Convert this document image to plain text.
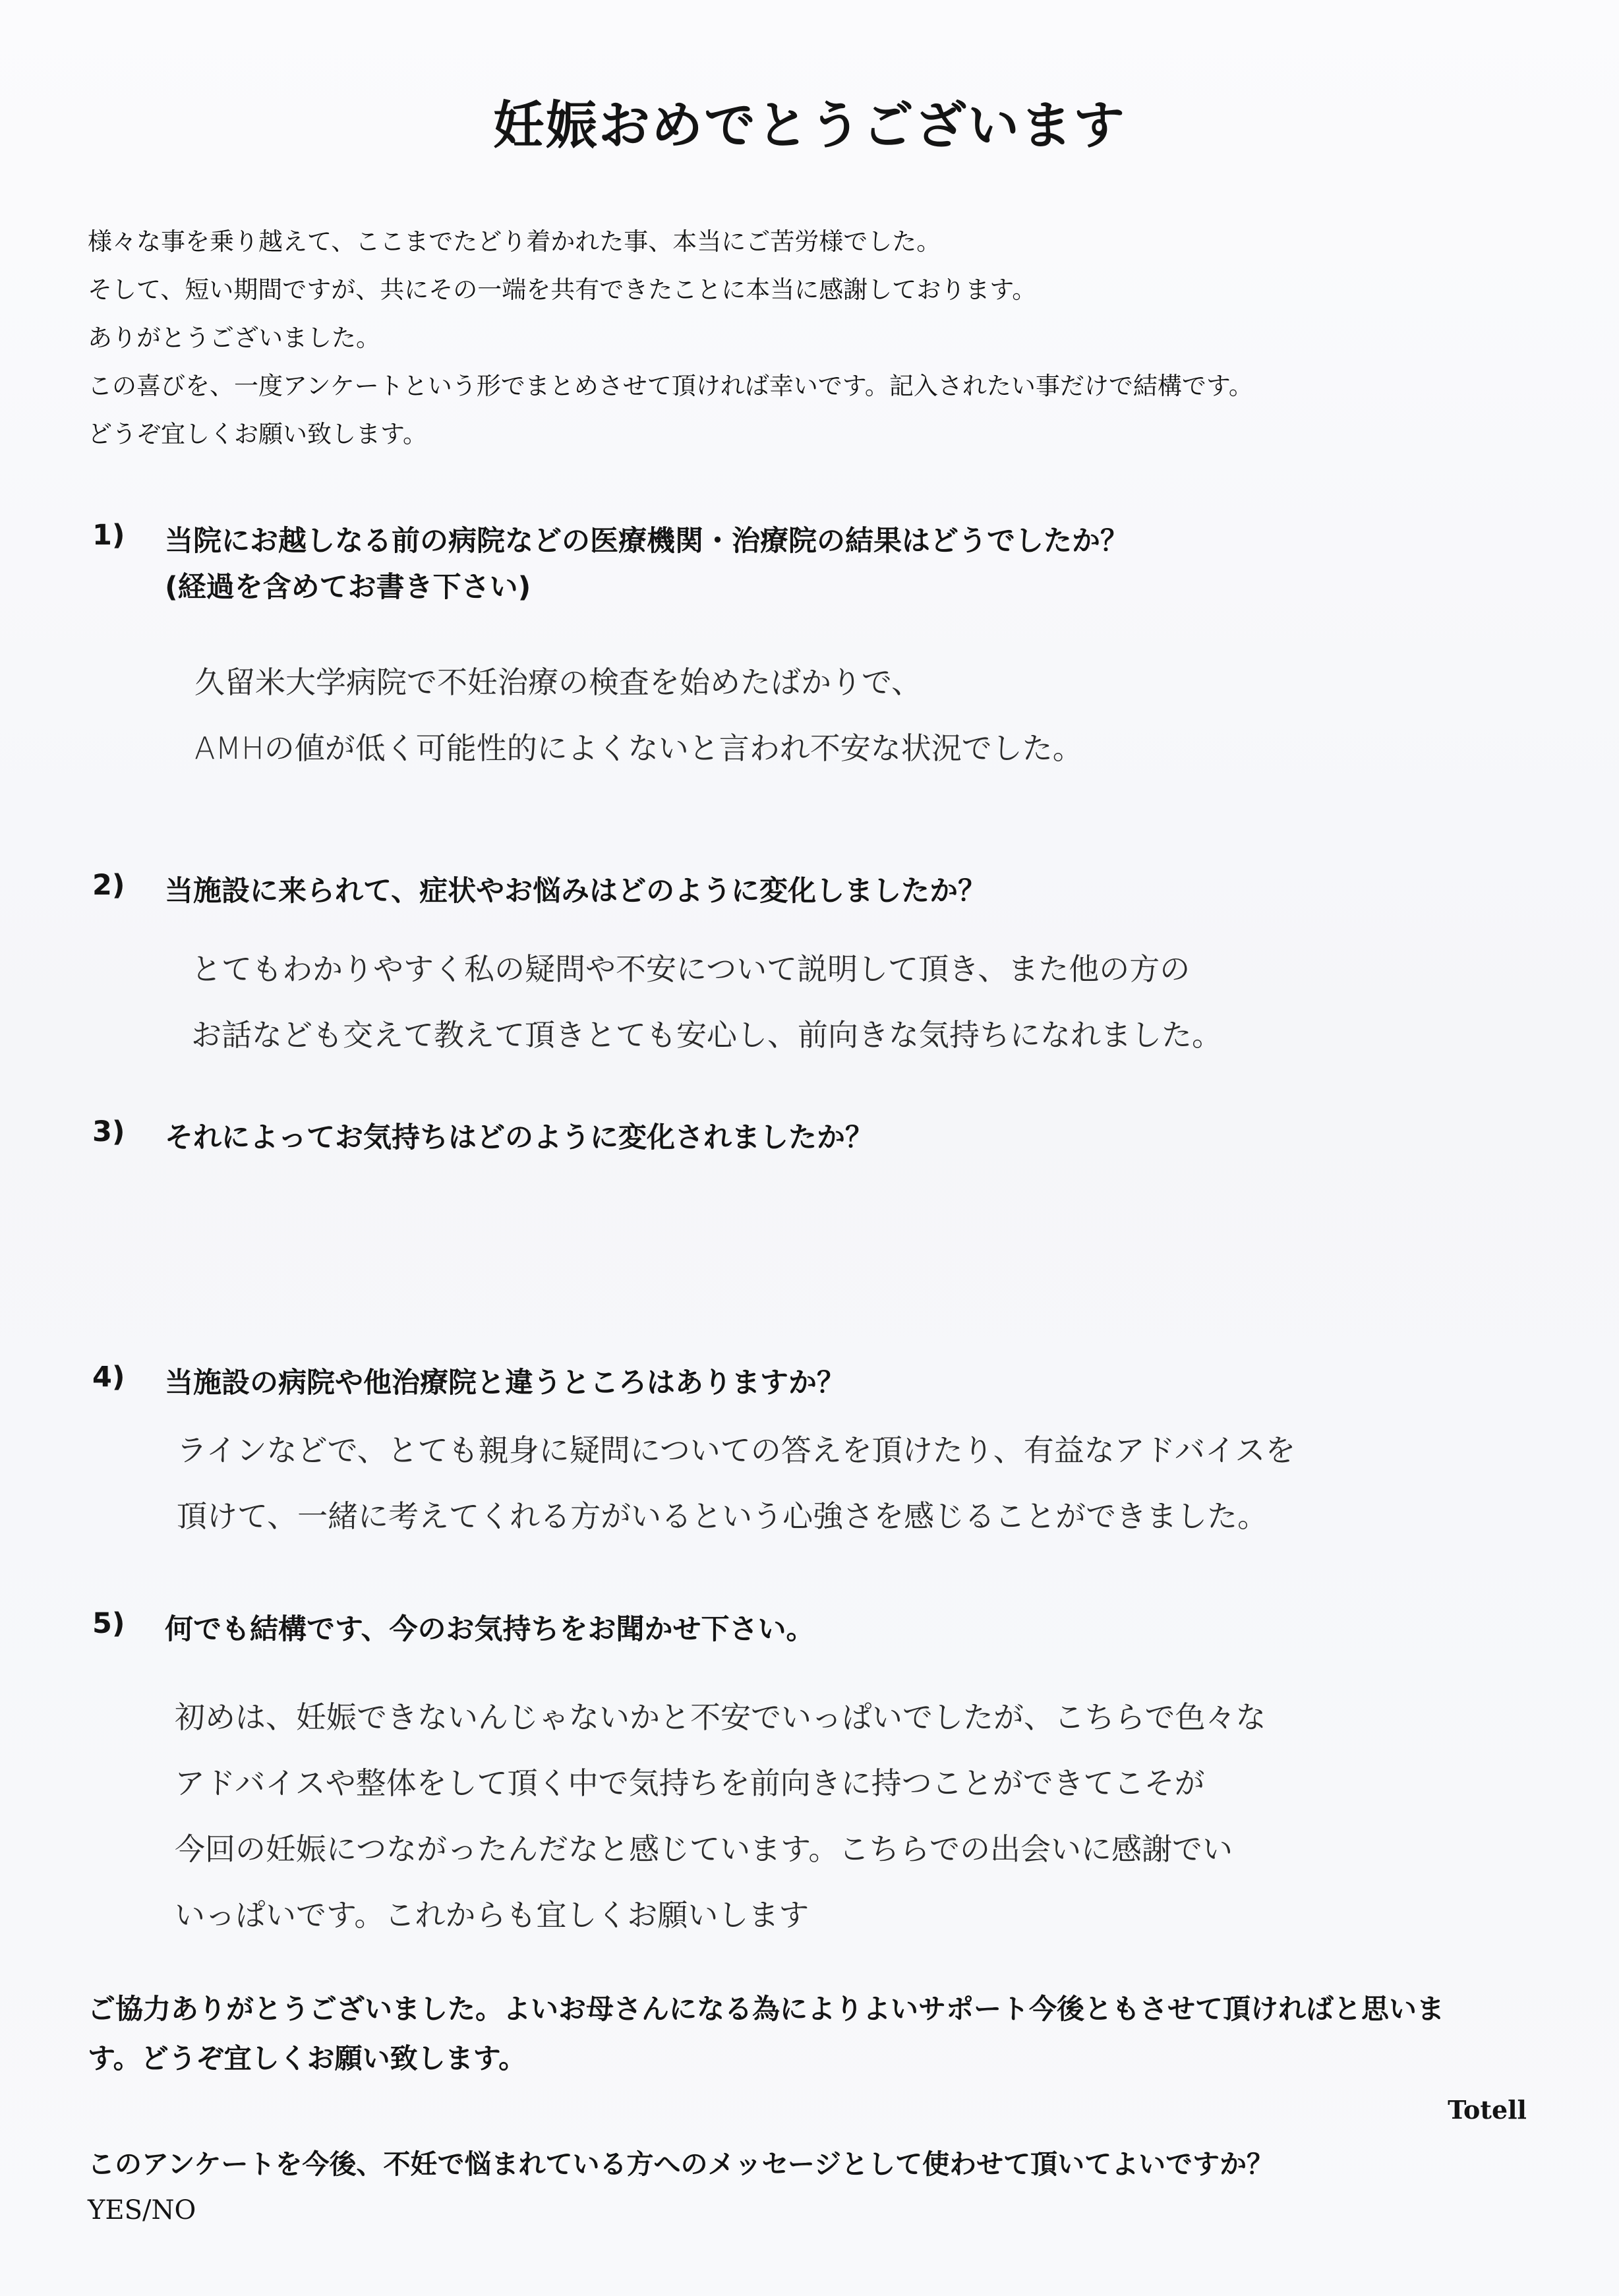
妊娠おめでとうございます
様々な事を乗り越えて、ここまでたどり着かれた事、本当にご苦労様でした。
そして、短い期間ですが、共にその一端を共有できたことに本当に感謝しております。
ありがとうございました。
この喜びを、一度アンケートという形でまとめさせて頂ければ幸いです。記入されたい事だけで結構です。
どうぞ宜しくお願い致します。
1)	当院にお越しなる前の病院などの医療機関・治療院の結果はどうでしたか？
(経過を含めてお書き下さい)
久留米大学病院で不妊治療の検査を始めたばかりで、
AMHの値が低く可能性的によくないと言われ不安な状況でした。
2)	当施設に来られて、症状やお悩みはどのように変化しましたか？
とてもわかりやすく私の疑問や不安について説明して頂き、また他の方の
お話なども交えて教えて頂きとても安心し、前向きな気持ちになれました。
3)	それによってお気持ちはどのように変化されましたか？
4)	当施設の病院や他治療院と違うところはありますか？
ラインなどで、とても親身に疑問についての答えを頂けたり、有益なアドバイスを
頂けて、一緒に考えてくれる方がいるという心強さを感じることができました。
5)	何でも結構です、今のお気持ちをお聞かせ下さい。
初めは、妊娠できないんじゃないかと不安でいっぱいでしたが、こちらで色々な
アドバイスや整体をして頂く中で気持ちを前向きに持つことができてこそが
今回の妊娠につながったんだなと感じています。こちらでの出会いに感謝でい
いっぱいです。これからも宜しくお願いします
ご協力ありがとうございました。よいお母さんになる為によりよいサポート今後ともさせて頂ければと思いま
す。どうぞ宜しくお願い致します。
Totell
このアンケートを今後、不妊で悩まれている方へのメッセージとして使わせて頂いてよいですか？
YES/NO
